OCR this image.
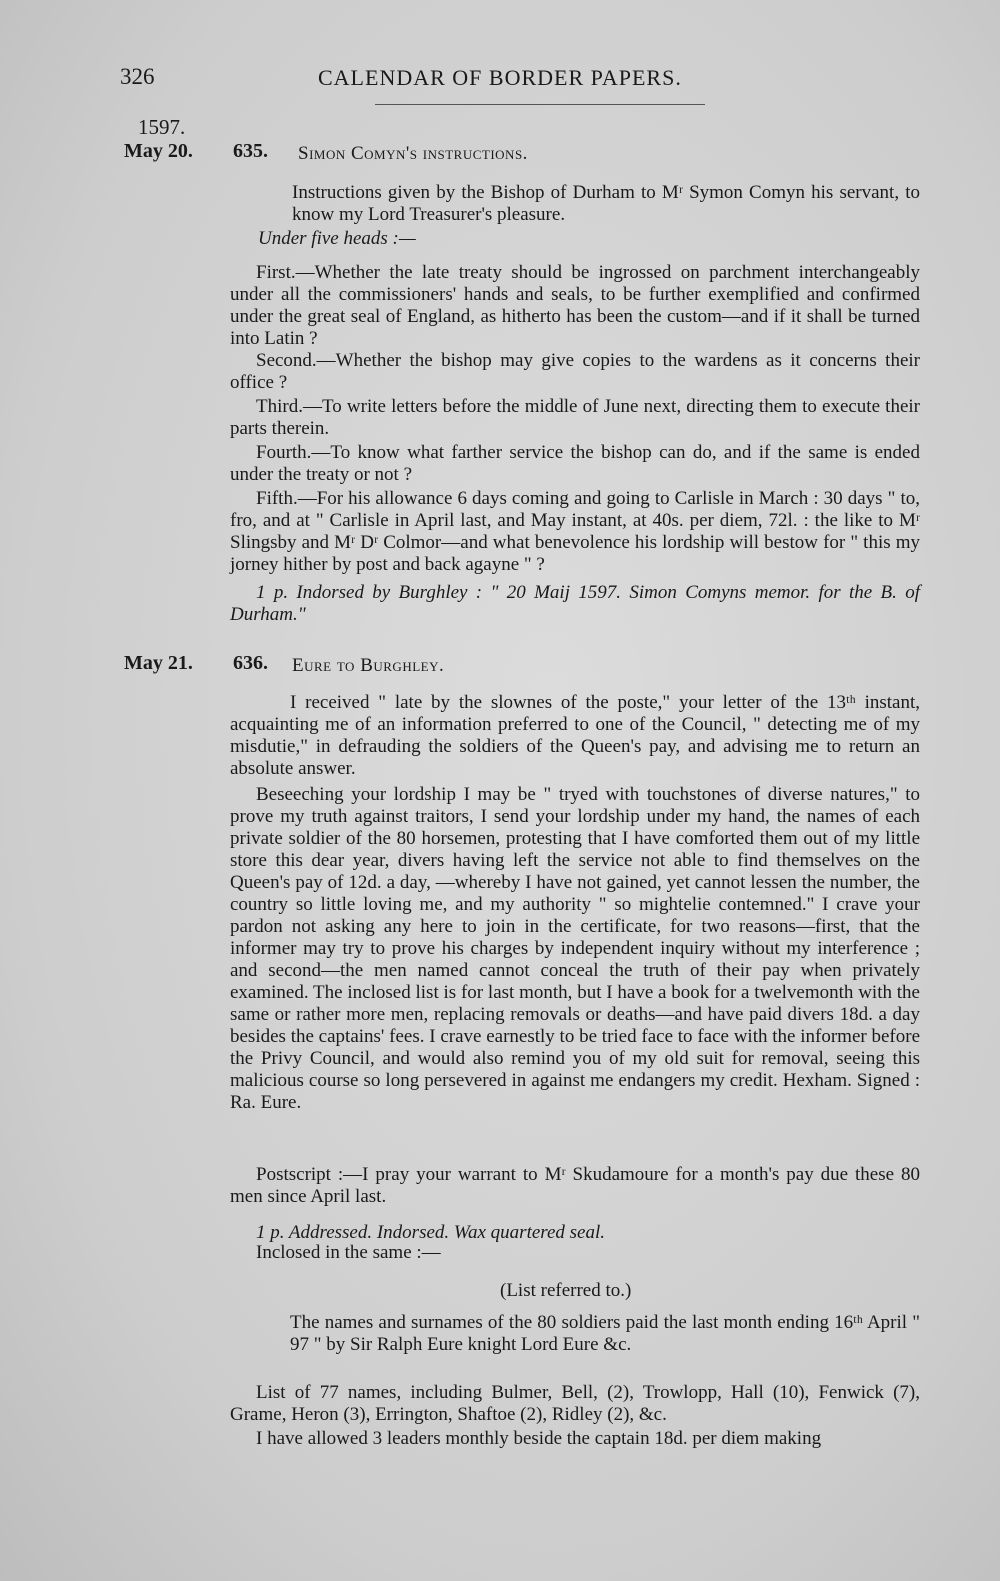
326	CALENDAR OF BORDER PAPERS.
1597.
May 20. 635. Simon Comyn's instructions.
Instructions given by the Bishop of Durham to Mʳ Symon Comyn his servant, to know my Lord Treasurer's pleasure.
Under five heads :—
First.—Whether the late treaty should be ingrossed on parchment interchangeably under all the commissioners' hands and seals, to be further exemplified and confirmed under the great seal of England, as hitherto has been the custom—and if it shall be turned into Latin ?
Second.—Whether the bishop may give copies to the wardens as it concerns their office ?
Third.—To write letters before the middle of June next, directing them to execute their parts therein.
Fourth.—To know what farther service the bishop can do, and if the same is ended under the treaty or not ?
Fifth.—For his allowance 6 days coming and going to Carlisle in March : 30 days " to, fro, and at " Carlisle in April last, and May instant, at 40s. per diem, 72l. : the like to Mʳ Slingsby and Mʳ Dʳ Colmor—and what benevolence his lordship will bestow for " this my jorney hither by post and back agayne " ?
1 p. Indorsed by Burghley : " 20 Maij 1597. Simon Comyns memor. for the B. of Durham."
May 21. 636. Eure to Burghley.
I received " late by the slownes of the poste," your letter of the 13ᵗʰ instant, acquainting me of an information preferred to one of the Council, " detecting me of my misdutie," in defrauding the soldiers of the Queen's pay, and advising me to return an absolute answer.
Beseeching your lordship I may be " tryed with touchstones of diverse natures," to prove my truth against traitors, I send your lordship under my hand, the names of each private soldier of the 80 horsemen, protesting that I have comforted them out of my little store this dear year, divers having left the service not able to find themselves on the Queen's pay of 12d. a day, —whereby I have not gained, yet cannot lessen the number, the country so little loving me, and my authority " so mightelie contemned." I crave your pardon not asking any here to join in the certificate, for two reasons—first, that the informer may try to prove his charges by independent inquiry without my interference ; and second—the men named cannot conceal the truth of their pay when privately examined. The inclosed list is for last month, but I have a book for a twelvemonth with the same or rather more men, replacing removals or deaths—and have paid divers 18d. a day besides the captains' fees. I crave earnestly to be tried face to face with the informer before the Privy Council, and would also remind you of my old suit for removal, seeing this malicious course so long persevered in against me endangers my credit. Hexham. Signed : Ra. Eure.
Postscript :—I pray your warrant to Mʳ Skudamoure for a month's pay due these 80 men since April last.
1 p. Addressed. Indorsed. Wax quartered seal.
Inclosed in the same :—
(List referred to.)
The names and surnames of the 80 soldiers paid the last month ending 16ᵗʰ April " 97 " by Sir Ralph Eure knight Lord Eure &c.
List of 77 names, including Bulmer, Bell, (2), Trowlopp, Hall (10), Fenwick (7), Grame, Heron (3), Errington, Shaftoe (2), Ridley (2), &c.
I have allowed 3 leaders monthly beside the captain 18d. per diem making
